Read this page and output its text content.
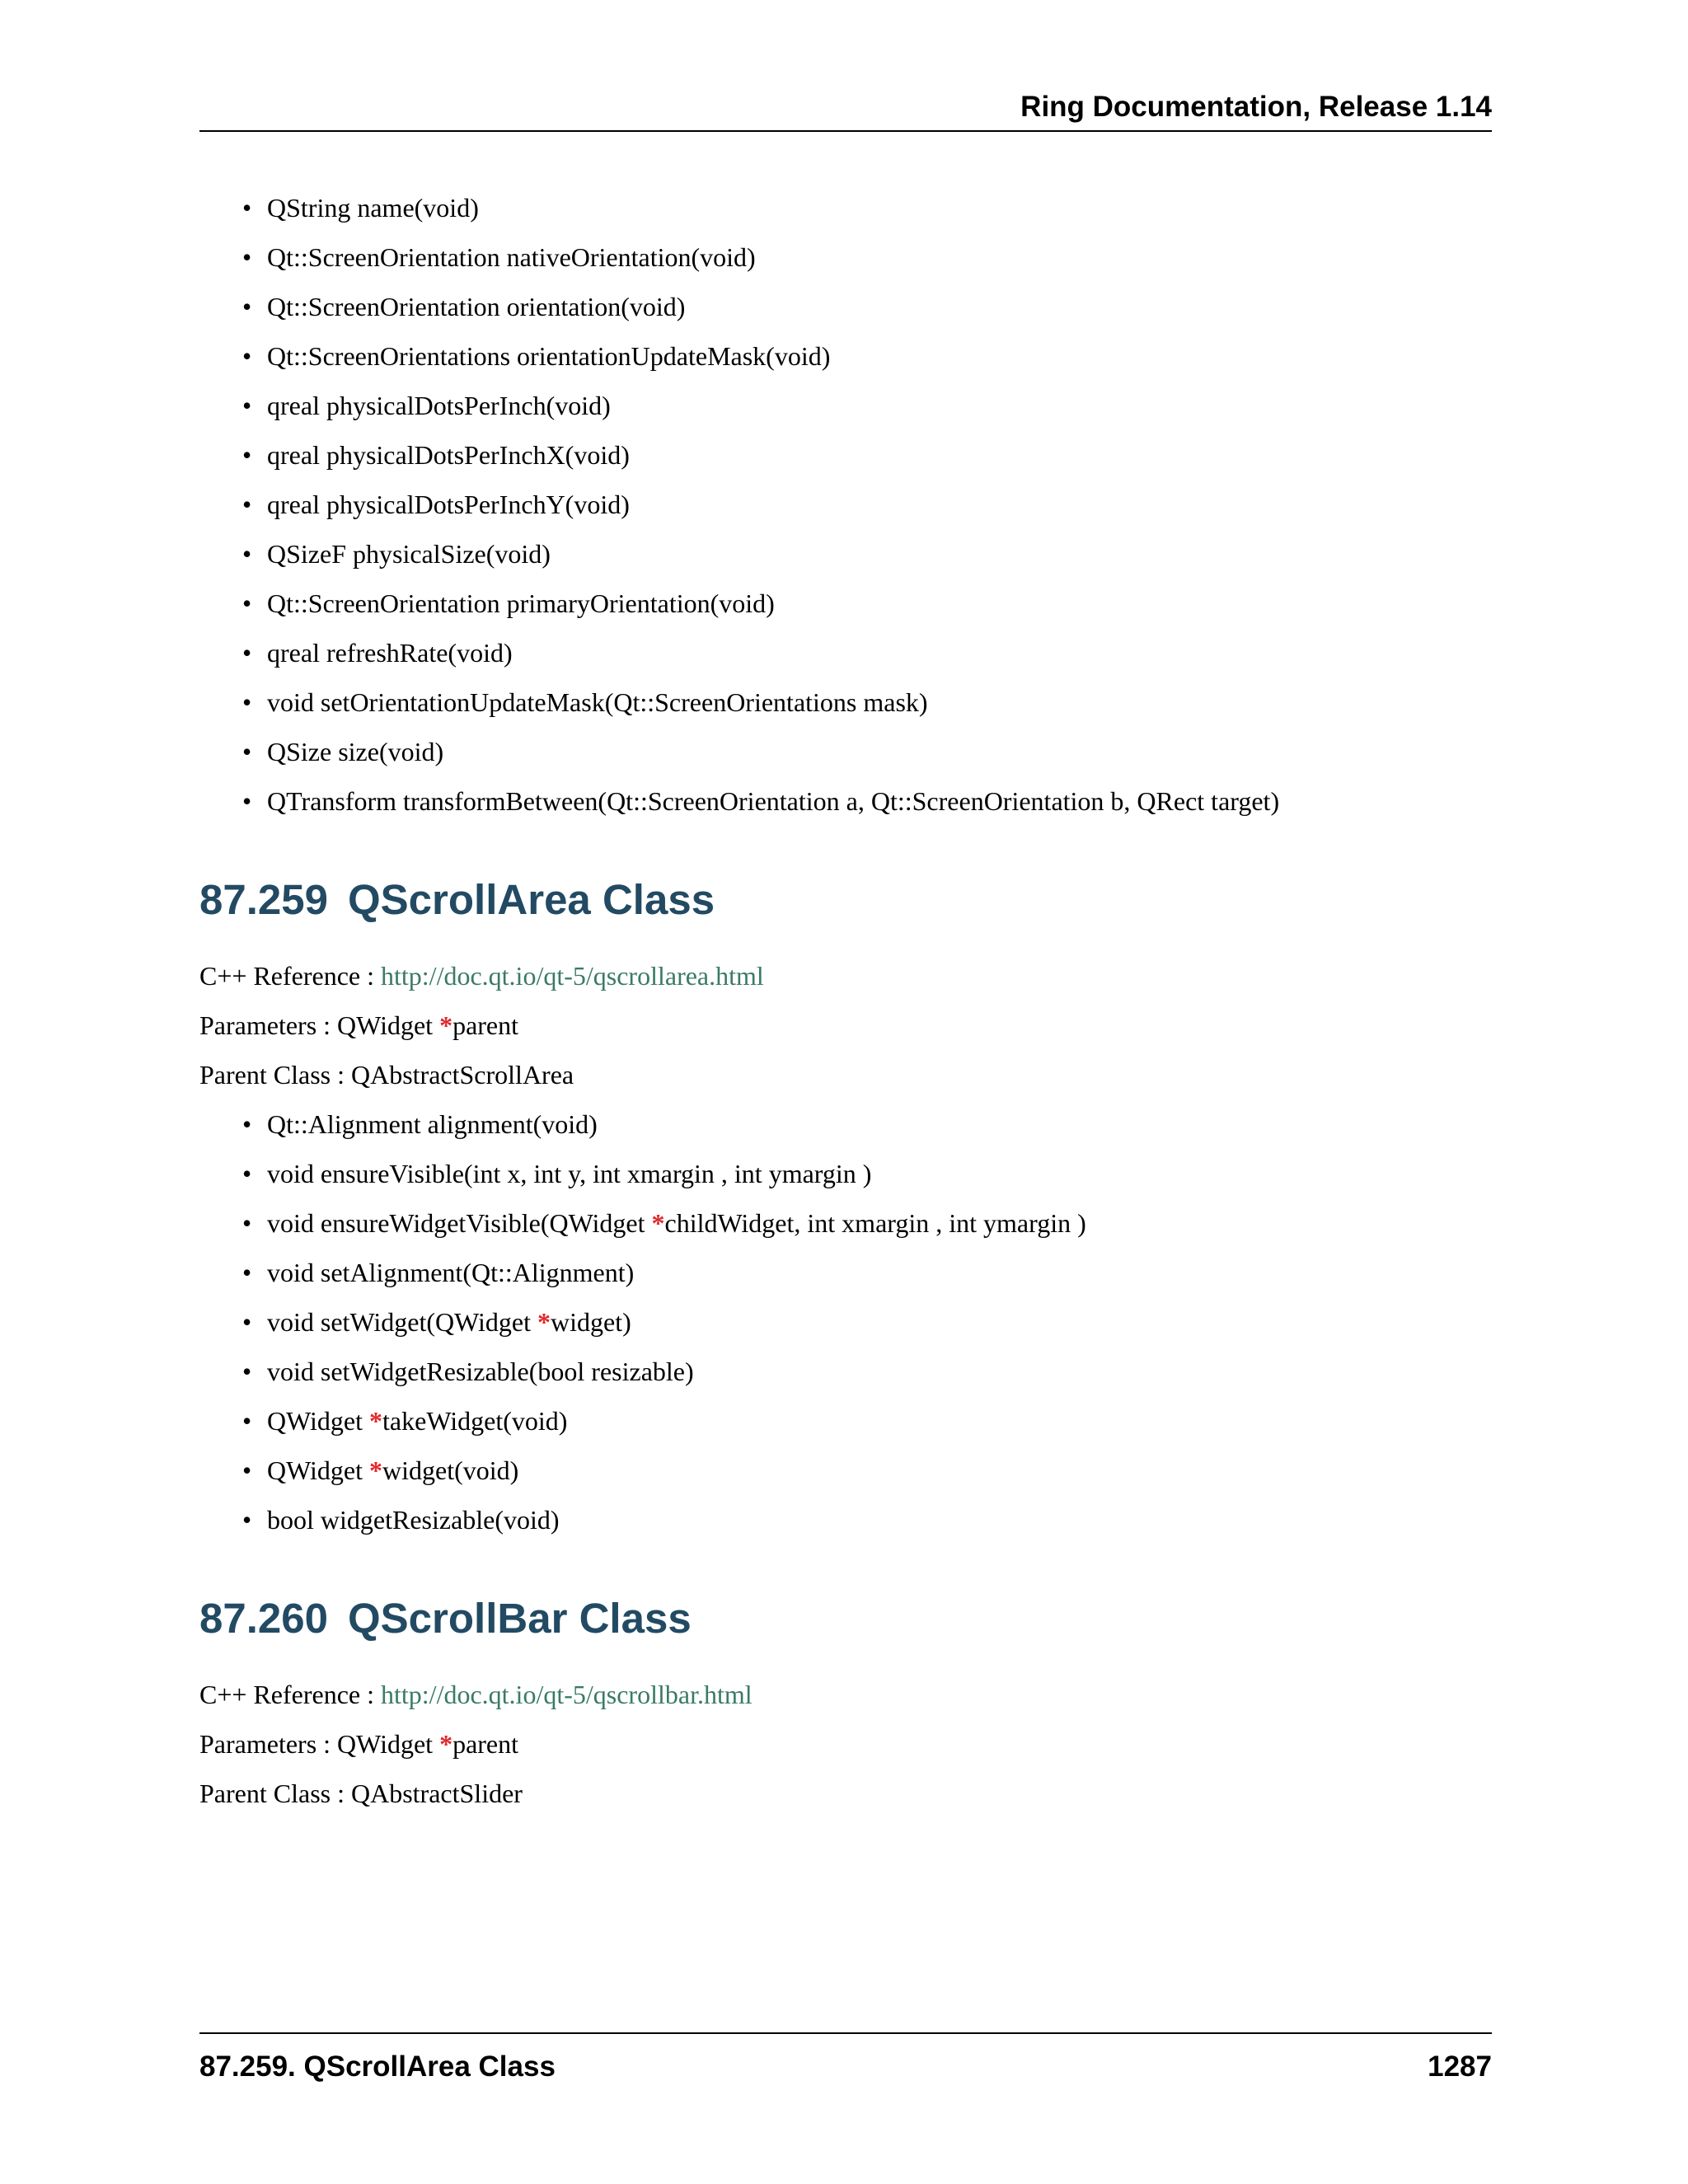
Ring Documentation, Release 1.14
• QString name(void)
• Qt::ScreenOrientation nativeOrientation(void)
• Qt::ScreenOrientation orientation(void)
• Qt::ScreenOrientations orientationUpdateMask(void)
• qreal physicalDotsPerInch(void)
• qreal physicalDotsPerInchX(void)
• qreal physicalDotsPerInchY(void)
• QSizeF physicalSize(void)
• Qt::ScreenOrientation primaryOrientation(void)
• qreal refreshRate(void)
• void setOrientationUpdateMask(Qt::ScreenOrientations mask)
• QSize size(void)
• QTransform transformBetween(Qt::ScreenOrientation a, Qt::ScreenOrientation b, QRect target)
87.259 QScrollArea Class
C++ Reference : http://doc.qt.io/qt-5/qscrollarea.html
Parameters : QWidget *parent
Parent Class : QAbstractScrollArea
• Qt::Alignment alignment(void)
• void ensureVisible(int x, int y, int xmargin , int ymargin )
• void ensureWidgetVisible(QWidget *childWidget, int xmargin , int ymargin )
• void setAlignment(Qt::Alignment)
• void setWidget(QWidget *widget)
• void setWidgetResizable(bool resizable)
• QWidget *takeWidget(void)
• QWidget *widget(void)
• bool widgetResizable(void)
87.260 QScrollBar Class
C++ Reference : http://doc.qt.io/qt-5/qscrollbar.html
Parameters : QWidget *parent
Parent Class : QAbstractSlider
87.259. QScrollArea Class	1287
